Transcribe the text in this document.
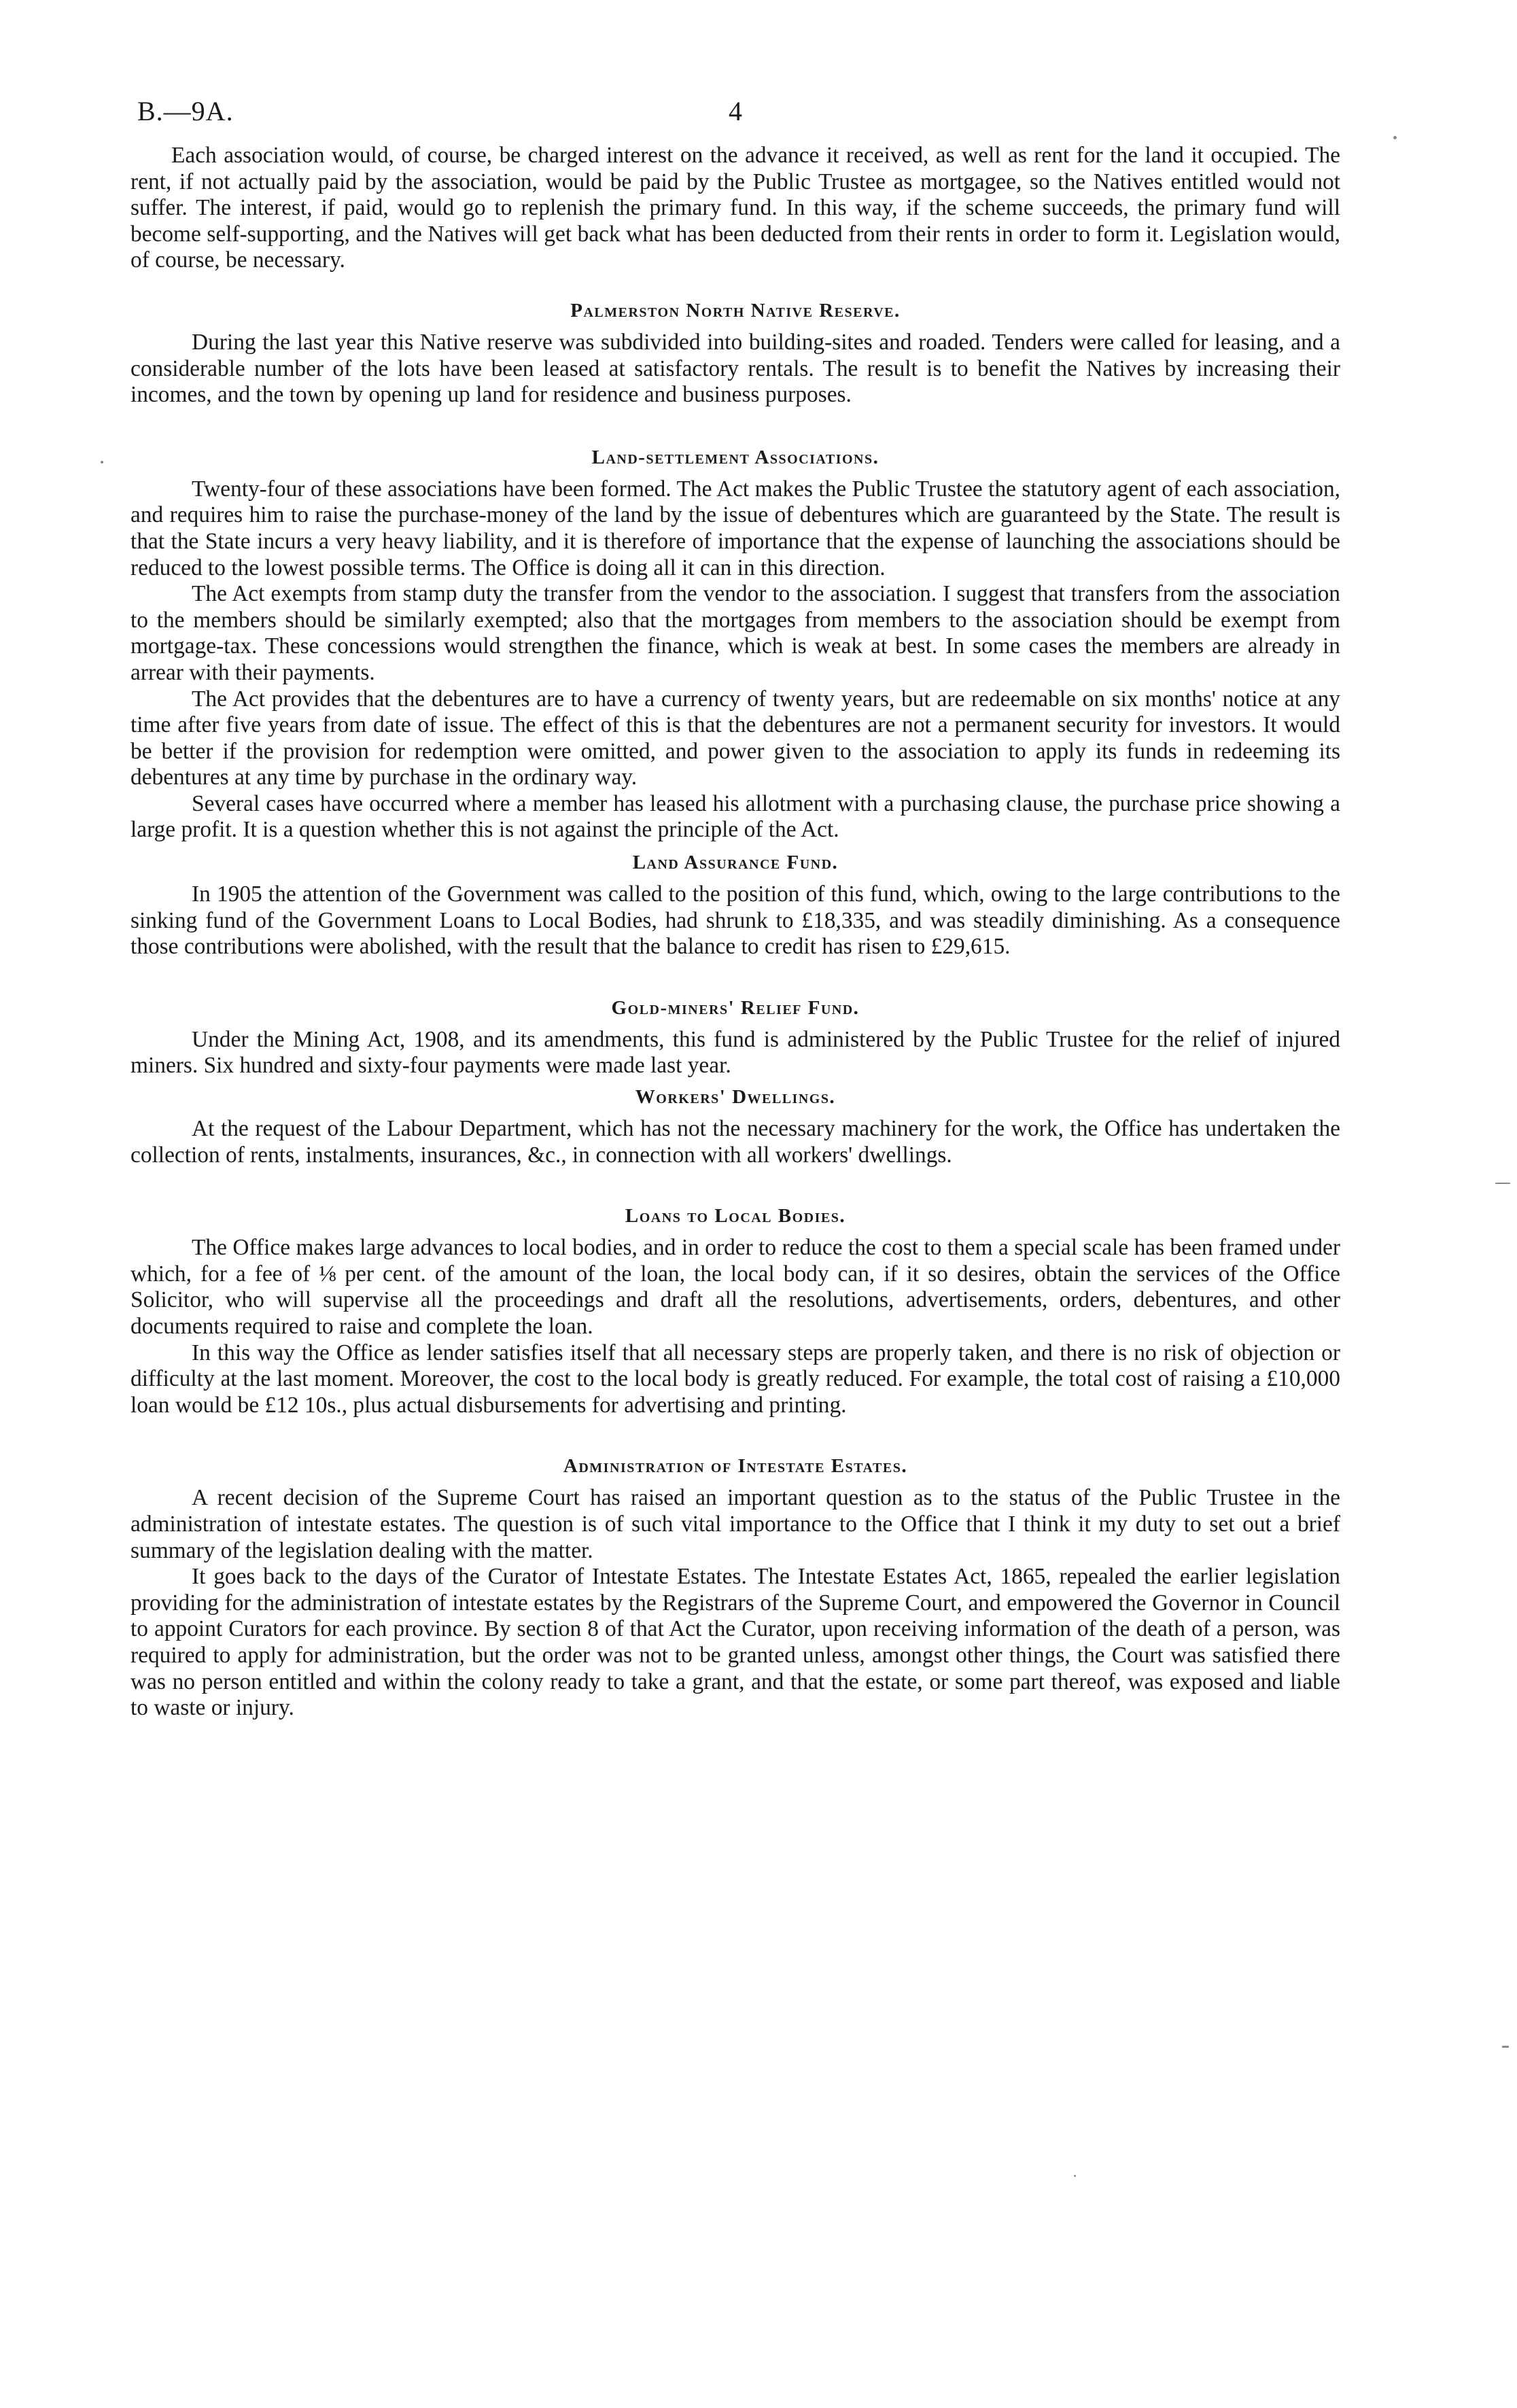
B.—9A.	4

Each association would, of course, be charged interest on the advance it received, as well as rent for the land it occupied. The rent, if not actually paid by the association, would be paid by the Public Trustee as mortgagee, so the Natives entitled would not suffer. The interest, if paid, would go to replenish the primary fund. In this way, if the scheme succeeds, the primary fund will become self-supporting, and the Natives will get back what has been deducted from their rents in order to form it. Legislation would, of course, be necessary.

Palmerston North Native Reserve.

During the last year this Native reserve was subdivided into building-sites and roaded. Tenders were called for leasing, and a considerable number of the lots have been leased at satisfactory rentals. The result is to benefit the Natives by increasing their incomes, and the town by opening up land for residence and business purposes.

Land-settlement Associations.

Twenty-four of these associations have been formed. The Act makes the Public Trustee the statutory agent of each association, and requires him to raise the purchase-money of the land by the issue of debentures which are guaranteed by the State. The result is that the State incurs a very heavy liability, and it is therefore of importance that the expense of launching the associations should be reduced to the lowest possible terms. The Office is doing all it can in this direction.

The Act exempts from stamp duty the transfer from the vendor to the association. I suggest that transfers from the association to the members should be similarly exempted; also that the mortgages from members to the association should be exempt from mortgage-tax. These concessions would strengthen the finance, which is weak at best. In some cases the members are already in arrear with their payments.

The Act provides that the debentures are to have a currency of twenty years, but are redeemable on six months' notice at any time after five years from date of issue. The effect of this is that the debentures are not a permanent security for investors. It would be better if the provision for redemption were omitted, and power given to the association to apply its funds in redeeming its debentures at any time by purchase in the ordinary way.

Several cases have occurred where a member has leased his allotment with a purchasing clause, the purchase price showing a large profit. It is a question whether this is not against the principle of the Act.

Land Assurance Fund.

In 1905 the attention of the Government was called to the position of this fund, which, owing to the large contributions to the sinking fund of the Government Loans to Local Bodies, had shrunk to £18,335, and was steadily diminishing. As a consequence those contributions were abolished, with the result that the balance to credit has risen to £29,615.

Gold-miners' Relief Fund.

Under the Mining Act, 1908, and its amendments, this fund is administered by the Public Trustee for the relief of injured miners. Six hundred and sixty-four payments were made last year.

Workers' Dwellings.

At the request of the Labour Department, which has not the necessary machinery for the work, the Office has undertaken the collection of rents, instalments, insurances, &c., in connection with all workers' dwellings.

Loans to Local Bodies.

The Office makes large advances to local bodies, and in order to reduce the cost to them a special scale has been framed under which, for a fee of ⅛ per cent. of the amount of the loan, the local body can, if it so desires, obtain the services of the Office Solicitor, who will supervise all the proceedings and draft all the resolutions, advertisements, orders, debentures, and other documents required to raise and complete the loan.

In this way the Office as lender satisfies itself that all necessary steps are properly taken, and there is no risk of objection or difficulty at the last moment. Moreover, the cost to the local body is greatly reduced. For example, the total cost of raising a £10,000 loan would be £12 10s., plus actual disbursements for advertising and printing.

Administration of Intestate Estates.

A recent decision of the Supreme Court has raised an important question as to the status of the Public Trustee in the administration of intestate estates. The question is of such vital importance to the Office that I think it my duty to set out a brief summary of the legislation dealing with the matter.

It goes back to the days of the Curator of Intestate Estates. The Intestate Estates Act, 1865, repealed the earlier legislation providing for the administration of intestate estates by the Registrars of the Supreme Court, and empowered the Governor in Council to appoint Curators for each province. By section 8 of that Act the Curator, upon receiving information of the death of a person, was required to apply for administration, but the order was not to be granted unless, amongst other things, the Court was satisfied there was no person entitled and within the colony ready to take a grant, and that the estate, or some part thereof, was exposed and liable to waste or injury.
